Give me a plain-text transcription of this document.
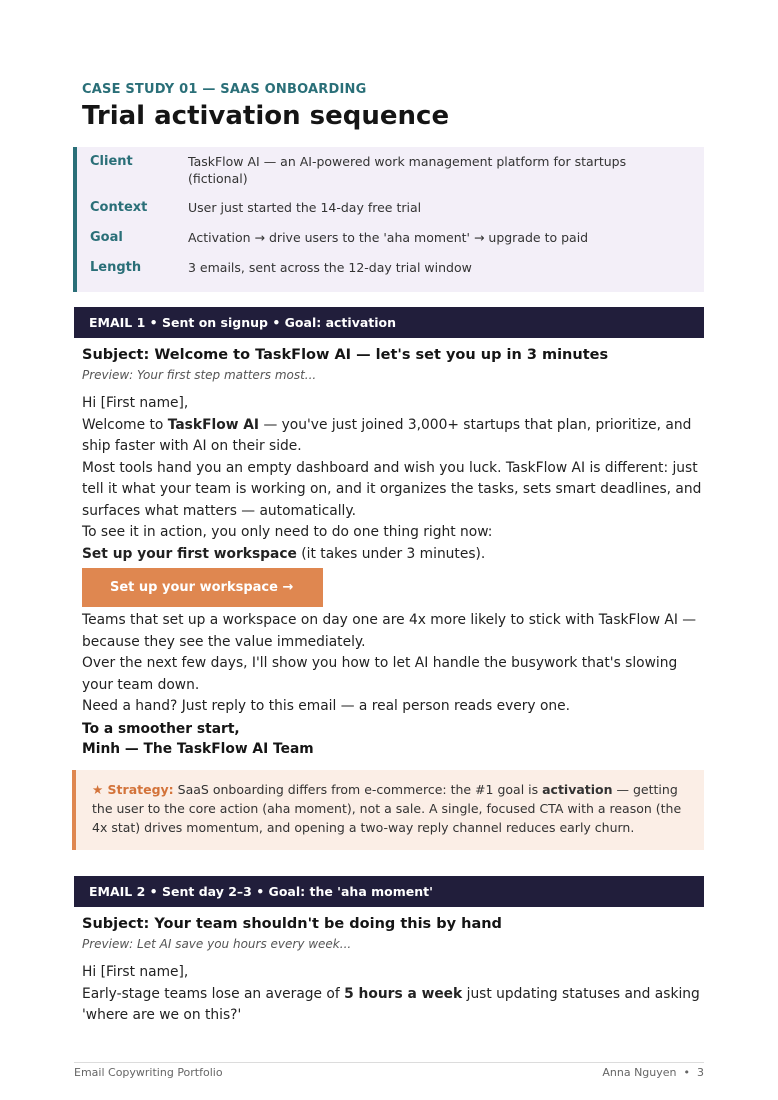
CASE STUDY 01 — SAAS ONBOARDING
Trial activation sequence
Client	TaskFlow AI — an AI-powered work management platform for startups (fictional)
Context	User just started the 14-day free trial
Goal	Activation → drive users to the 'aha moment' → upgrade to paid
Length	3 emails, sent across the 12-day trial window
EMAIL 1 • Sent on signup • Goal: activation
Subject: Welcome to TaskFlow AI — let's set you up in 3 minutes
Preview: Your first step matters most...

Hi [First name],

Welcome to TaskFlow AI — you've just joined 3,000+ startups that plan, prioritize, and ship faster with AI on their side.

Most tools hand you an empty dashboard and wish you luck. TaskFlow AI is different: just tell it what your team is working on, and it organizes the tasks, sets smart deadlines, and surfaces what matters — automatically.

To see it in action, you only need to do one thing right now:

Set up your first workspace (it takes under 3 minutes).

Set up your workspace →

Teams that set up a workspace on day one are 4x more likely to stick with TaskFlow AI — because they see the value immediately.

Over the next few days, I'll show you how to let AI handle the busywork that's slowing your team down.

Need a hand? Just reply to this email — a real person reads every one.

To a smoother start,
Minh — The TaskFlow AI Team
★ Strategy: SaaS onboarding differs from e-commerce: the #1 goal is activation — getting the user to the core action (aha moment), not a sale. A single, focused CTA with a reason (the 4x stat) drives momentum, and opening a two-way reply channel reduces early churn.
EMAIL 2 • Sent day 2–3 • Goal: the 'aha moment'
Subject: Your team shouldn't be doing this by hand
Preview: Let AI save you hours every week...

Hi [First name],

Early-stage teams lose an average of 5 hours a week just updating statuses and asking 'where are we on this?'

Email Copywriting Portfolio	Anna Nguyen  •  3
